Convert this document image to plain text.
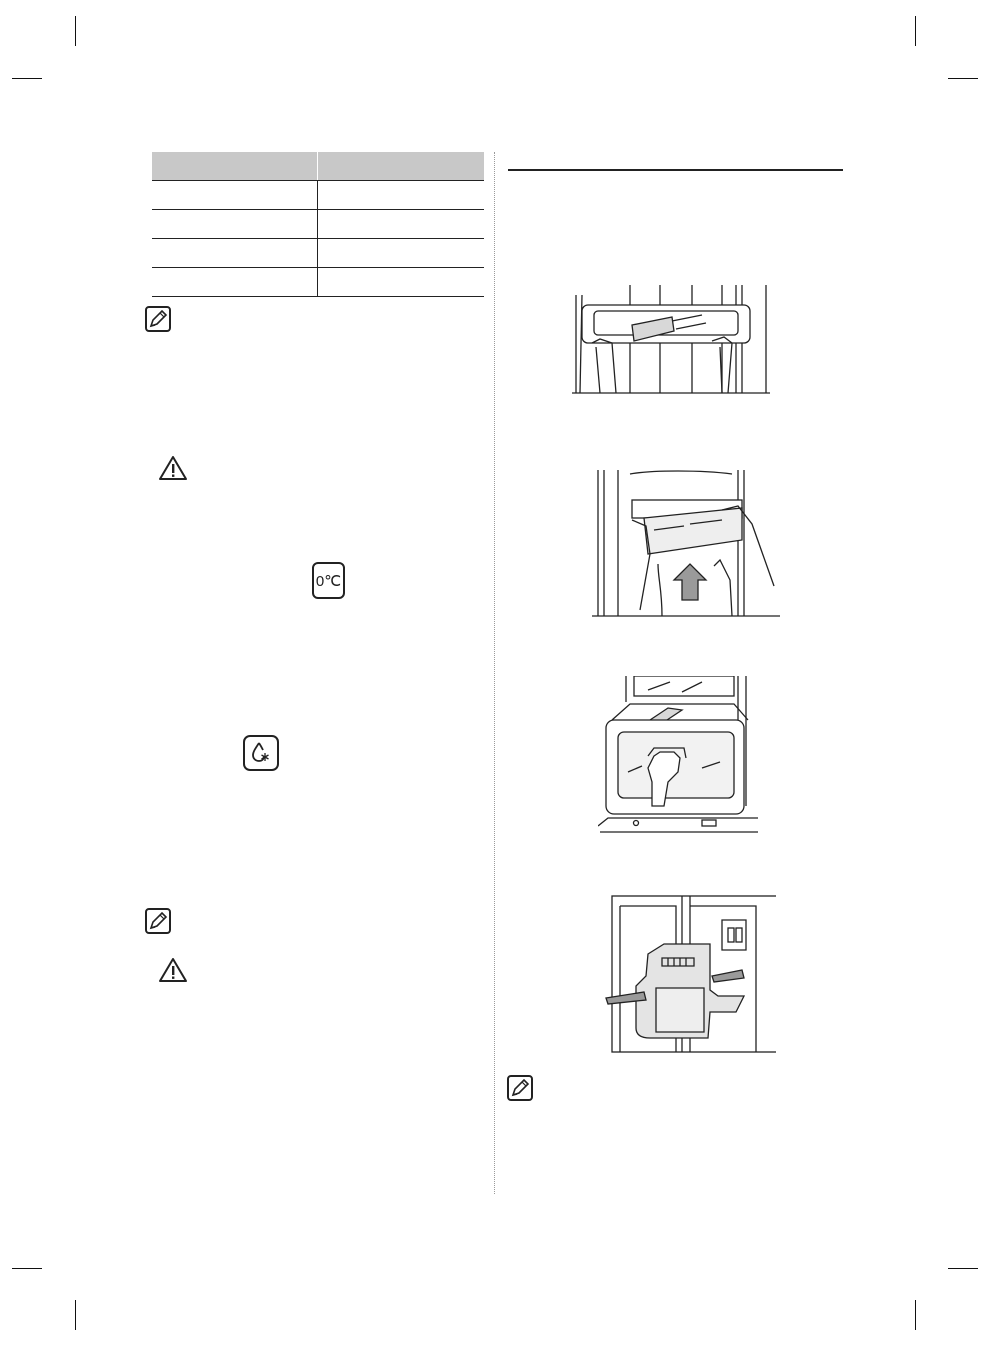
0℃
